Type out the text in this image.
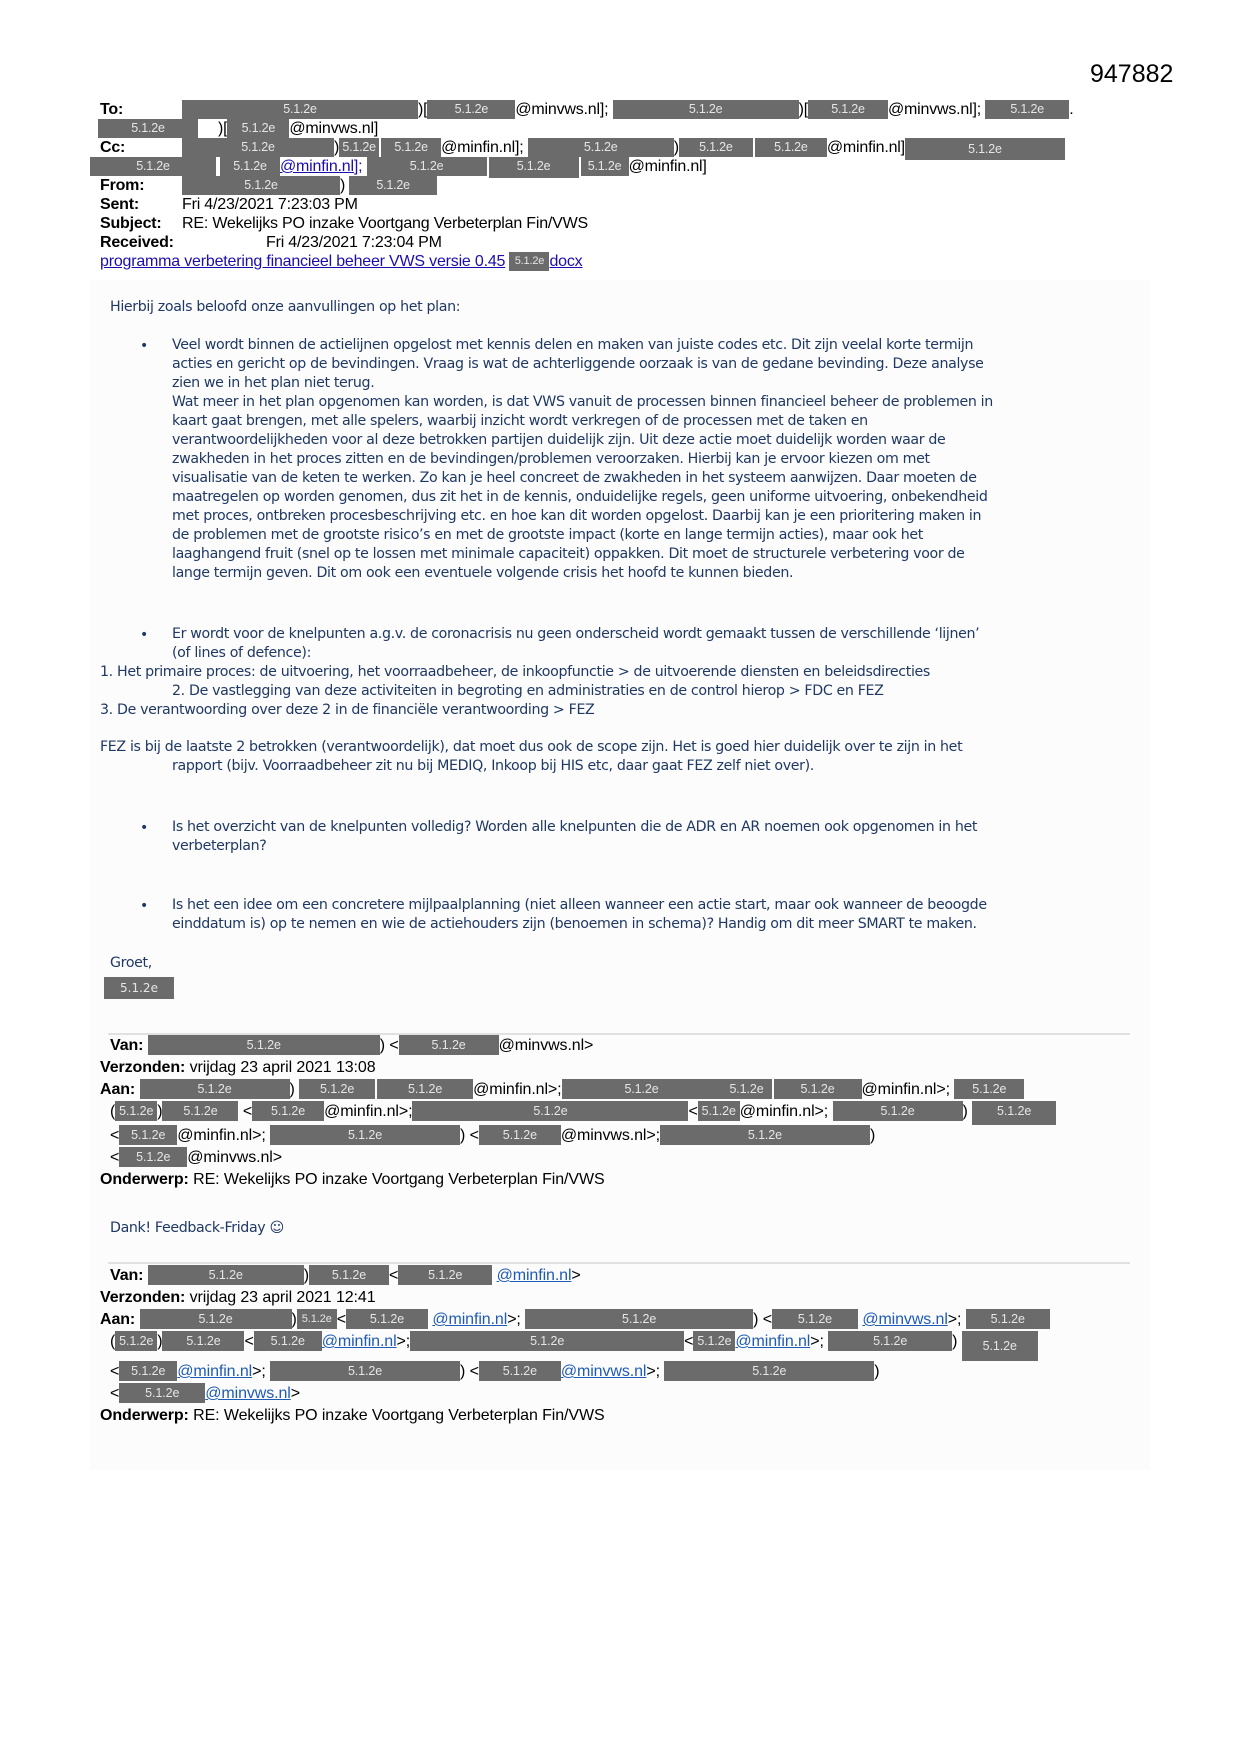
947882
To:	5.1.2e	)[ 5.1.2e @minvws.nl];	5.1.2e	)[ 5.1.2e @minvws.nl]; 5.1.2e .
5.1.2e	)[ 5.1.2e @minvws.nl]
Cc:	5.1.2e	) 5.1.2e 5.1.2e @minfin.nl];	5.1.2e	) 5.1.2e	5.1.2e @minfin.nl]	5.1.2e
5.1.2e	5.1.2e @minfin.nl];	5.1.2e	5.1.2e	5.1.2e @minfin.nl]
From:	5.1.2e	) 5.1.2e
Sent:	Fri 4/23/2021 7:23:03 PM
Subject: RE: Wekelijks PO inzake Voortgang Verbeterplan Fin/VWS
Received:	Fri 4/23/2021 7:23:04 PM
programma verbetering financieel beheer VWS versie 0.45 5.1.2e docx
Hierbij zoals beloofd onze aanvullingen op het plan:
• Veel wordt binnen de actielijnen opgelost met kennis delen en maken van juiste codes etc. Dit zijn veelal korte termijn
acties en gericht op de bevindingen. Vraag is wat de achterliggende oorzaak is van de gedane bevinding. Deze analyse
zien we in het plan niet terug.
Wat meer in het plan opgenomen kan worden, is dat VWS vanuit de processen binnen financieel beheer de problemen in
kaart gaat brengen, met alle spelers, waarbij inzicht wordt verkregen of de processen met de taken en
verantwoordelijkheden voor al deze betrokken partijen duidelijk zijn. Uit deze actie moet duidelijk worden waar de
zwakheden in het proces zitten en de bevindingen/problemen veroorzaken. Hierbij kan je ervoor kiezen om met
visualisatie van de keten te werken. Zo kan je heel concreet de zwakheden in het systeem aanwijzen. Daar moeten de
maatregelen op worden genomen, dus zit het in de kennis, onduidelijke regels, geen uniforme uitvoering, onbekendheid
met proces, ontbreken procesbeschrijving etc. en hoe kan dit worden opgelost. Daarbij kan je een prioritering maken in
de problemen met de grootste risico’s en met de grootste impact (korte en lange termijn acties), maar ook het
laaghangend fruit (snel op te lossen met minimale capaciteit) oppakken. Dit moet de structurele verbetering voor de
lange termijn geven. Dit om ook een eventuele volgende crisis het hoofd te kunnen bieden.
• Er wordt voor de knelpunten a.g.v. de coronacrisis nu geen onderscheid wordt gemaakt tussen de verschillende ‘lijnen’
(of lines of defence):
1. Het primaire proces: de uitvoering, het voorraadbeheer, de inkoopfunctie > de uitvoerende diensten en beleidsdirecties
2. De vastlegging van deze activiteiten in begroting en administraties en de control hierop > FDC en FEZ
3. De verantwoording over deze 2 in de financiële verantwoording > FEZ
FEZ is bij de laatste 2 betrokken (verantwoordelijk), dat moet dus ook de scope zijn. Het is goed hier duidelijk over te zijn in het
rapport (bijv. Voorraadbeheer zit nu bij MEDIQ, Inkoop bij HIS etc, daar gaat FEZ zelf niet over).
• Is het overzicht van de knelpunten volledig? Worden alle knelpunten die de ADR en AR noemen ook opgenomen in het
verbeterplan?
• Is het een idee om een concretere mijlpaalplanning (niet alleen wanneer een actie start, maar ook wanneer de beoogde
einddatum is) op te nemen en wie de actiehouders zijn (benoemen in schema)? Handig om dit meer SMART te maken.
Groet,
5.1.2e
Van:	5.1.2e	) <	5.1.2e @minvws.nl>
Verzonden: vrijdag 23 april 2021 13:08
Aan:	5.1.2e	) 5.1.2e	5.1.2e @minfin.nl>;	5.1.2e	5.1.2e	5.1.2e @minfin.nl>; 5.1.2e
( 5.1.2e ) 5.1.2e < 5.1.2e @minfin.nl>;	5.1.2e	< 5.1.2e @minfin.nl>;	5.1.2e	) 5.1.2e
< 5.1.2e @minfin.nl>;	5.1.2e	) < 5.1.2e @minvws.nl>;	5.1.2e	)
< 5.1.2e @minvws.nl>
Onderwerp: RE: Wekelijks PO inzake Voortgang Verbeterplan Fin/VWS
Dank! Feedback-Friday ☺
Van:	5.1.2e	) 5.1.2e < 5.1.2e @minfin.nl>
Verzonden: vrijdag 23 april 2021 12:41
Aan:	5.1.2e	) 5.1.2e < 5.1.2e @minfin.nl>;	5.1.2e	) < 5.1.2e @minvws.nl>; 5.1.2e
( 5.1.2e ) 5.1.2e < 5.1.2e @minfin.nl>;	5.1.2e	< 5.1.2e @minfin.nl>;	5.1.2e	) 5.1.2e
< 5.1.2e @minfin.nl>;	5.1.2e	) < 5.1.2e @minvws.nl>;	5.1.2e	)
< 5.1.2e @minvws.nl>
Onderwerp: RE: Wekelijks PO inzake Voortgang Verbeterplan Fin/VWS
